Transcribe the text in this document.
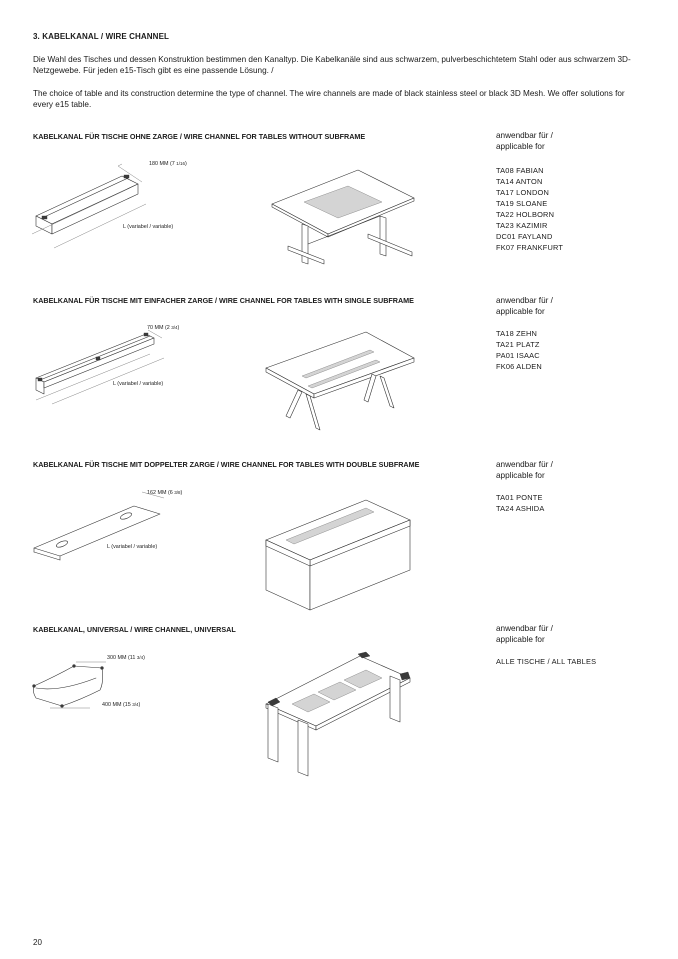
3. KABELKANAL / WIRE CHANNEL
Die Wahl des Tisches und dessen Konstruktion bestimmen den Kanaltyp. Die Kabelkanäle sind aus schwarzem, pulverbeschichtetem Stahl oder aus schwarzem 3D-Netzgewebe. Für jeden e15-Tisch gibt es eine passende Lösung. /
The choice of table and its construction determine the type of channel. The wire channels are made of black stainless steel or black 3D Mesh. We offer solutions for every e15 table.
KABELKANAL FÜR TISCHE OHNE ZARGE / WIRE CHANNEL FOR TABLES WITHOUT SUBFRAME	anwendbar für /
applicable for
TA08 FABIAN
TA14 ANTON
TA17 LONDON
TA19 SLOANE
TA22 HOLBORN
TA23 KAZIMIR
DC01 FAYLAND
FK07 FRANKFURT
180 MM (7 1/16)
L (variabel / variable)
KABELKANAL FÜR TISCHE MIT EINFACHER ZARGE / WIRE CHANNEL FOR TABLES WITH SINGLE SUBFRAME	anwendbar für /
applicable for
TA18 ZEHN
TA21 PLATZ
PA01 ISAAC
FK06 ALDEN
70 MM (2 3/4)
L (variabel / variable)
KABELKANAL FÜR TISCHE MIT DOPPELTER ZARGE / WIRE CHANNEL FOR TABLES WITH DOUBLE SUBFRAME	anwendbar für /
applicable for
TA01 PONTE
TA24 ASHIDA
162 MM (6 3/8)
L (variabel / variable)
KABELKANAL, UNIVERSAL / WIRE CHANNEL, UNIVERSAL	anwendbar für /
applicable for
ALLE TISCHE / ALL TABLES
300 MM (11 3/4)
400 MM (15 3/4)
20
